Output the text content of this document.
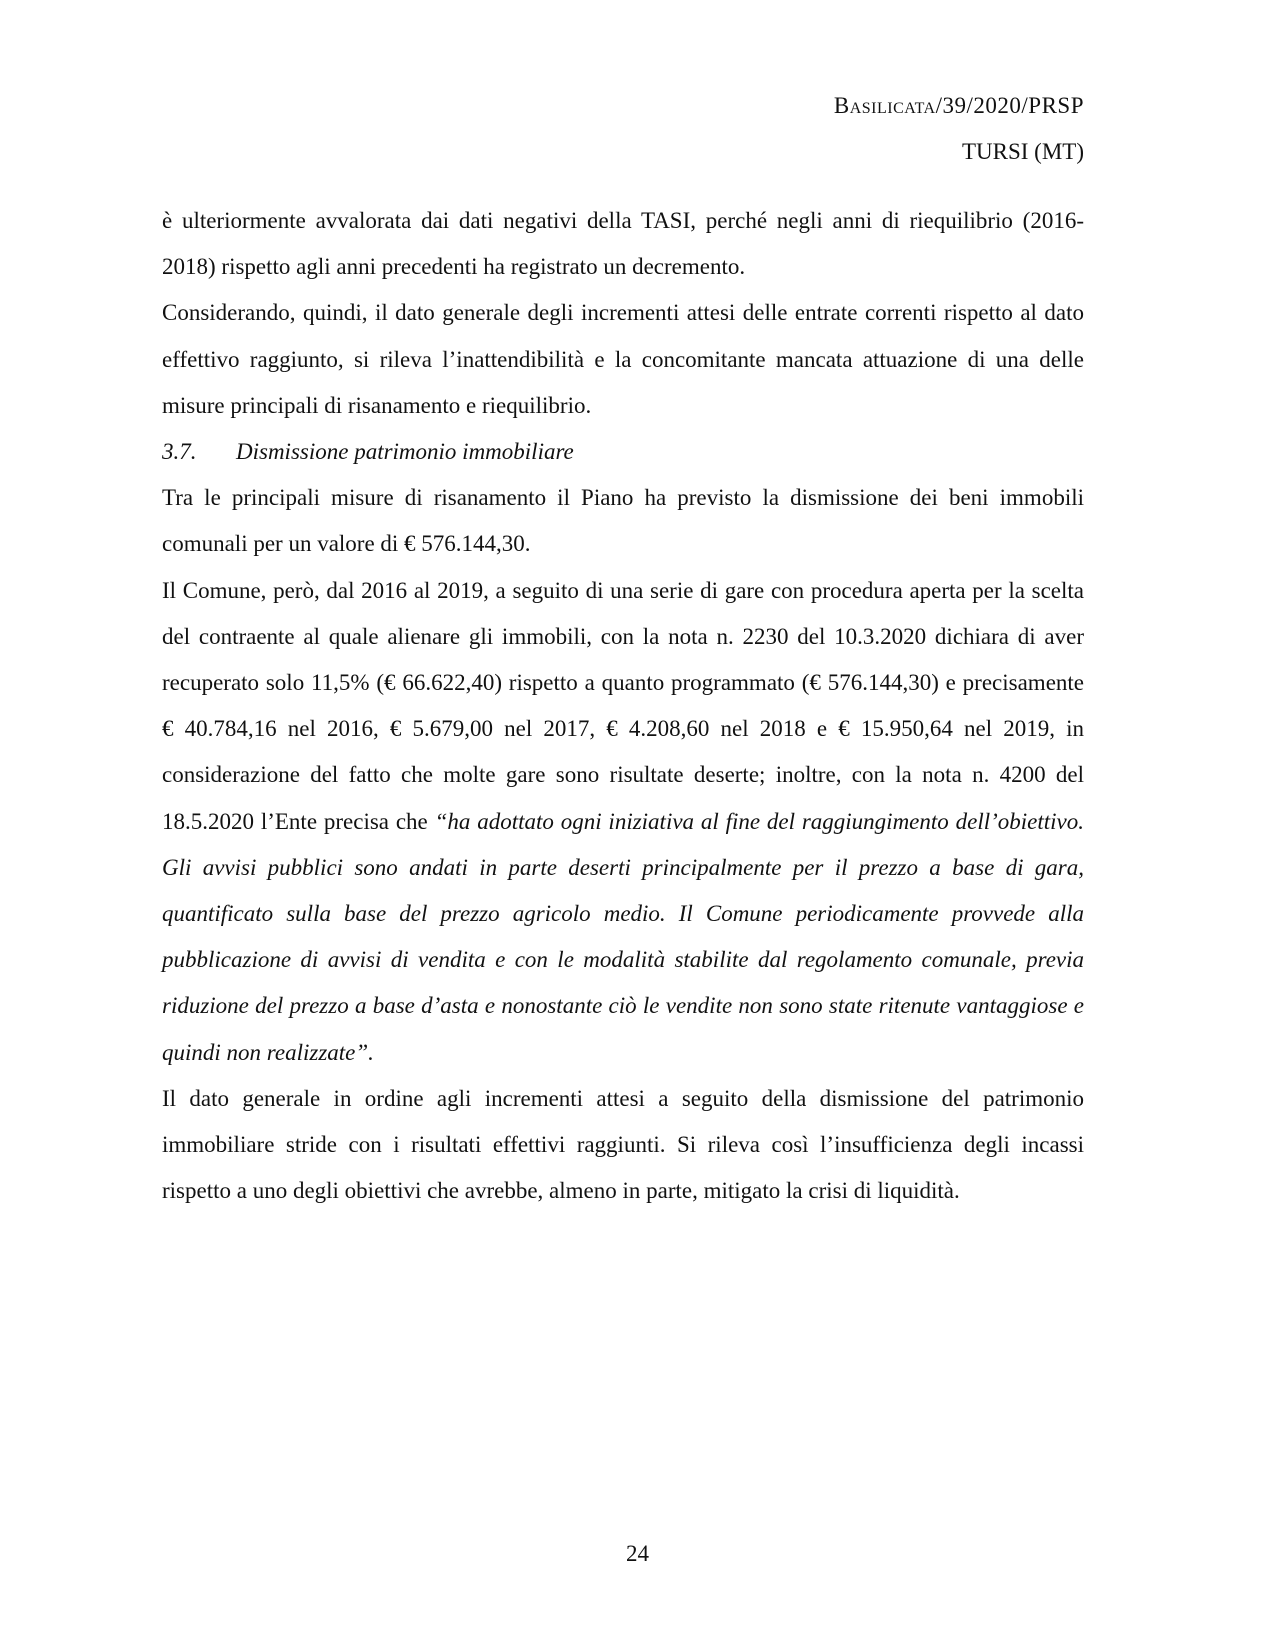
Basilicata/39/2020/PRSP
TURSI (MT)

è ulteriormente avvalorata dai dati negativi della TASI, perché negli anni di riequilibrio (2016-2018) rispetto agli anni precedenti ha registrato un decremento.

Considerando, quindi, il dato generale degli incrementi attesi delle entrate correnti rispetto al dato effettivo raggiunto, si rileva l’inattendibilità e la concomitante mancata attuazione di una delle misure principali di risanamento e riequilibrio.

3.7. Dismissione patrimonio immobiliare

Tra le principali misure di risanamento il Piano ha previsto la dismissione dei beni immobili comunali per un valore di € 576.144,30.

Il Comune, però, dal 2016 al 2019, a seguito di una serie di gare con procedura aperta per la scelta del contraente al quale alienare gli immobili, con la nota n. 2230 del 10.3.2020 dichiara di aver recuperato solo 11,5% (€ 66.622,40) rispetto a quanto programmato (€ 576.144,30) e precisamente € 40.784,16 nel 2016, € 5.679,00 nel 2017, € 4.208,60 nel 2018 e € 15.950,64 nel 2019, in considerazione del fatto che molte gare sono risultate deserte; inoltre, con la nota n. 4200 del 18.5.2020 l’Ente precisa che “ha adottato ogni iniziativa al fine del raggiungimento dell’obiettivo. Gli avvisi pubblici sono andati in parte deserti principalmente per il prezzo a base di gara, quantificato sulla base del prezzo agricolo medio. Il Comune periodicamente provvede alla pubblicazione di avvisi di vendita e con le modalità stabilite dal regolamento comunale, previa riduzione del prezzo a base d’asta e nonostante ciò le vendite non sono state ritenute vantaggiose e quindi non realizzate”.

Il dato generale in ordine agli incrementi attesi a seguito della dismissione del patrimonio immobiliare stride con i risultati effettivi raggiunti. Si rileva così l’insufficienza degli incassi rispetto a uno degli obiettivi che avrebbe, almeno in parte, mitigato la crisi di liquidità.

24
